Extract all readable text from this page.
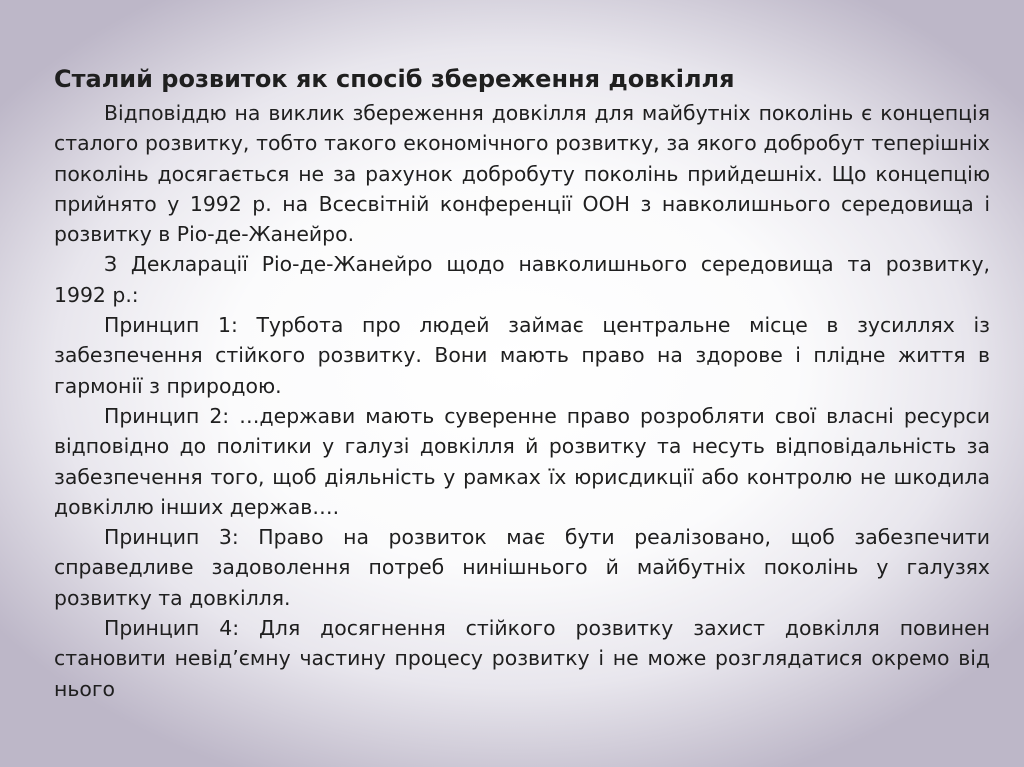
Сталий розвиток як спосіб збереження довкілля

Відповіддю на виклик збереження довкілля для майбутніх поколінь є концепція сталого розвитку, тобто такого економічного розвитку, за якого добробут теперішніх поколінь досягається не за рахунок добробуту поколінь прийдешніх. Що концепцію прийнято у 1992 р. на Всесвітній конференції ООН з навколишнього середовища і розвитку в Ріо-де-Жанейро.

З Декларації Ріо-де-Жанейро щодо навколишнього середовища та розвитку, 1992 р.:

Принцип 1: Турбота про людей займає центральне місце в зусиллях із забезпечення стійкого розвитку. Вони мають право на здорове і плідне життя в гармонії з природою.

Принцип 2: …держави мають суверенне право розробляти свої власні ресурси відповідно до політики у галузі довкілля й розвитку та несуть відповідальність за забезпечення того, щоб діяльність у рамках їх юрисдикції або контролю не шкодила довкіллю інших держав….

Принцип 3: Право на розвиток має бути реалізовано, щоб забезпечити справедливе задоволення потреб нинішнього й майбутніх поколінь у галузях розвитку та довкілля.

Принцип 4: Для досягнення стійкого розвитку захист довкілля повинен становити невід’ємну частину процесу розвитку і не може розглядатися окремо від нього
